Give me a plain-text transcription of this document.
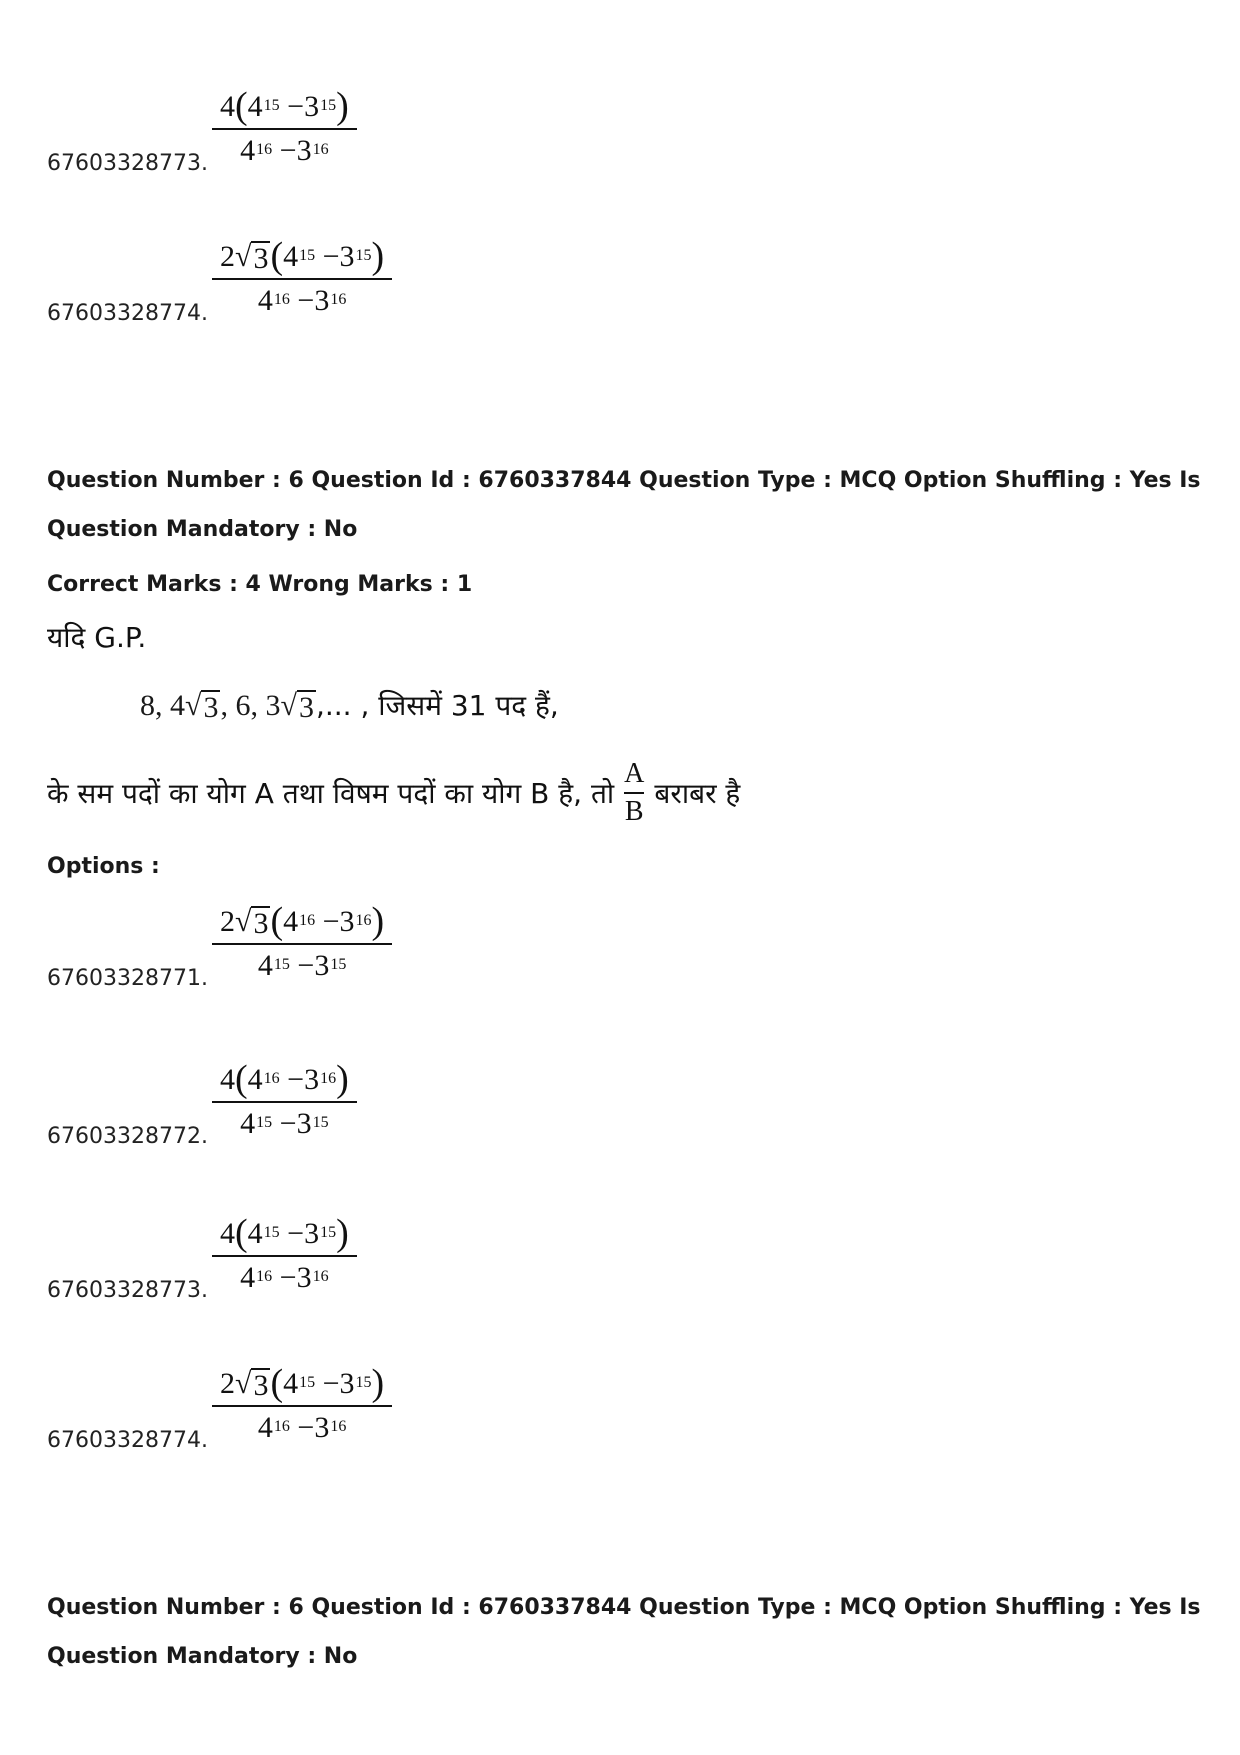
67603328773. $\frac{4(4^{15} -3^{15})}{4^{16} -3^{16}}$
67603328774. $\frac{2 √ 3 (4^{15} -3^{15})}{4^{16} -3^{16}}$
Question Number : 6 Question Id : 6760337844 Question Type : MCQ Option Shuffling : Yes Is
Question Mandatory : No
Correct Marks : 4 Wrong Marks : 1
यदि G.P.
8, 4 √ 3 , 6, 3 √ 3 ,... , जिसमें 31 पद हैं,
के सम पदों का योग A तथा विषम पदों का योग B है, तो
A
B
बराबर है
Options :
67603328771. $\frac{2 √ 3 (4^{16} -3^{16})}{4^{15} -3^{15}}$
67603328772. $\frac{4(4^{16} -3^{16})}{4^{15} -3^{15}}$
67603328773. $\frac{4(4^{15} -3^{15})}{4^{16} -3^{16}}$
67603328774. $\frac{2 √ 3 (4^{15} -3^{15})}{4^{16} -3^{16}}$
Question Number : 6 Question Id : 6760337844 Question Type : MCQ Option Shuffling : Yes Is
Question Mandatory : No
